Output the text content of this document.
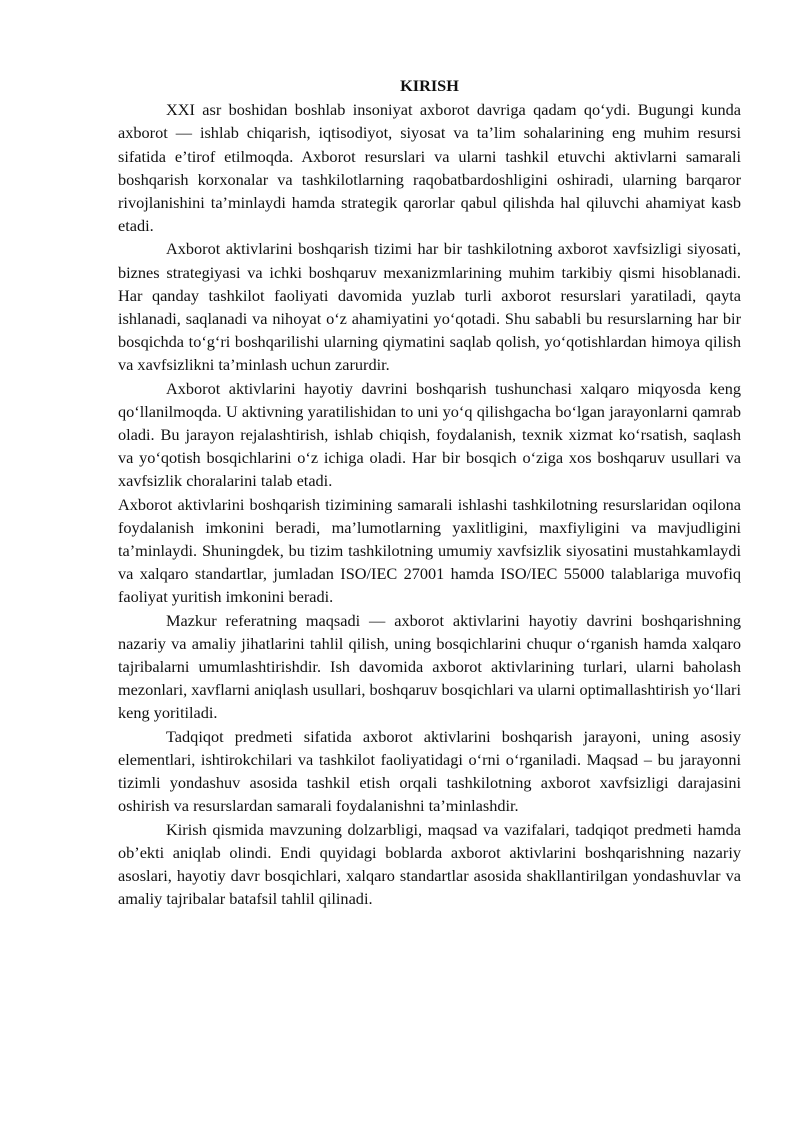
KIRISH

XXI asr boshidan boshlab insoniyat axborot davriga qadam qo‘ydi. Bugungi kunda axborot — ishlab chiqarish, iqtisodiyot, siyosat va ta’lim sohalarining eng muhim resursi sifatida e’tirof etilmoqda. Axborot resurslari va ularni tashkil etuvchi aktivlarni samarali boshqarish korxonalar va tashkilotlarning raqobatbardoshligini oshiradi, ularning barqaror rivojlanishini ta’minlaydi hamda strategik qarorlar qabul qilishda hal qiluvchi ahamiyat kasb etadi.

Axborot aktivlarini boshqarish tizimi har bir tashkilotning axborot xavfsizligi siyosati, biznes strategiyasi va ichki boshqaruv mexanizmlarining muhim tarkibiy qismi hisoblanadi. Har qanday tashkilot faoliyati davomida yuzlab turli axborot resurslari yaratiladi, qayta ishlanadi, saqlanadi va nihoyat o‘z ahamiyatini yo‘qotadi. Shu sababli bu resurslarning har bir bosqichda to‘g‘ri boshqarilishi ularning qiymatini saqlab qolish, yo‘qotishlardan himoya qilish va xavfsizlikni ta’minlash uchun zarurdir.

Axborot aktivlarini hayotiy davrini boshqarish tushunchasi xalqaro miqyosda keng qo‘llanilmoqda. U aktivning yaratilishidan to uni yo‘q qilishgacha bo‘lgan jarayonlarni qamrab oladi. Bu jarayon rejalashtirish, ishlab chiqish, foydalanish, texnik xizmat ko‘rsatish, saqlash va yo‘qotish bosqichlarini o‘z ichiga oladi. Har bir bosqich o‘ziga xos boshqaruv usullari va xavfsizlik choralarini talab etadi.

Axborot aktivlarini boshqarish tizimining samarali ishlashi tashkilotning resurslaridan oqilona foydalanish imkonini beradi, ma’lumotlarning yaxlitligini, maxfiyligini va mavjudligini ta’minlaydi. Shuningdek, bu tizim tashkilotning umumiy xavfsizlik siyosatini mustahkamlaydi va xalqaro standartlar, jumladan ISO/IEC 27001 hamda ISO/IEC 55000 talablariga muvofiq faoliyat yuritish imkonini beradi.

Mazkur referatning maqsadi — axborot aktivlarini hayotiy davrini boshqarishning nazariy va amaliy jihatlarini tahlil qilish, uning bosqichlarini chuqur o‘rganish hamda xalqaro tajribalarni umumlashtirishdir. Ish davomida axborot aktivlarining turlari, ularni baholash mezonlari, xavflarni aniqlash usullari, boshqaruv bosqichlari va ularni optimallashtirish yo‘llari keng yoritiladi.

Tadqiqot predmeti sifatida axborot aktivlarini boshqarish jarayoni, uning asosiy elementlari, ishtirokchilari va tashkilot faoliyatidagi o‘rni o‘rganiladi. Maqsad – bu jarayonni tizimli yondashuv asosida tashkil etish orqali tashkilotning axborot xavfsizligi darajasini oshirish va resurslardan samarali foydalanishni ta’minlashdir.

Kirish qismida mavzuning dolzarbligi, maqsad va vazifalari, tadqiqot predmeti hamda ob’ekti aniqlab olindi. Endi quyidagi boblarda axborot aktivlarini boshqarishning nazariy asoslari, hayotiy davr bosqichlari, xalqaro standartlar asosida shakllantirilgan yondashuvlar va amaliy tajribalar batafsil tahlil qilinadi.
